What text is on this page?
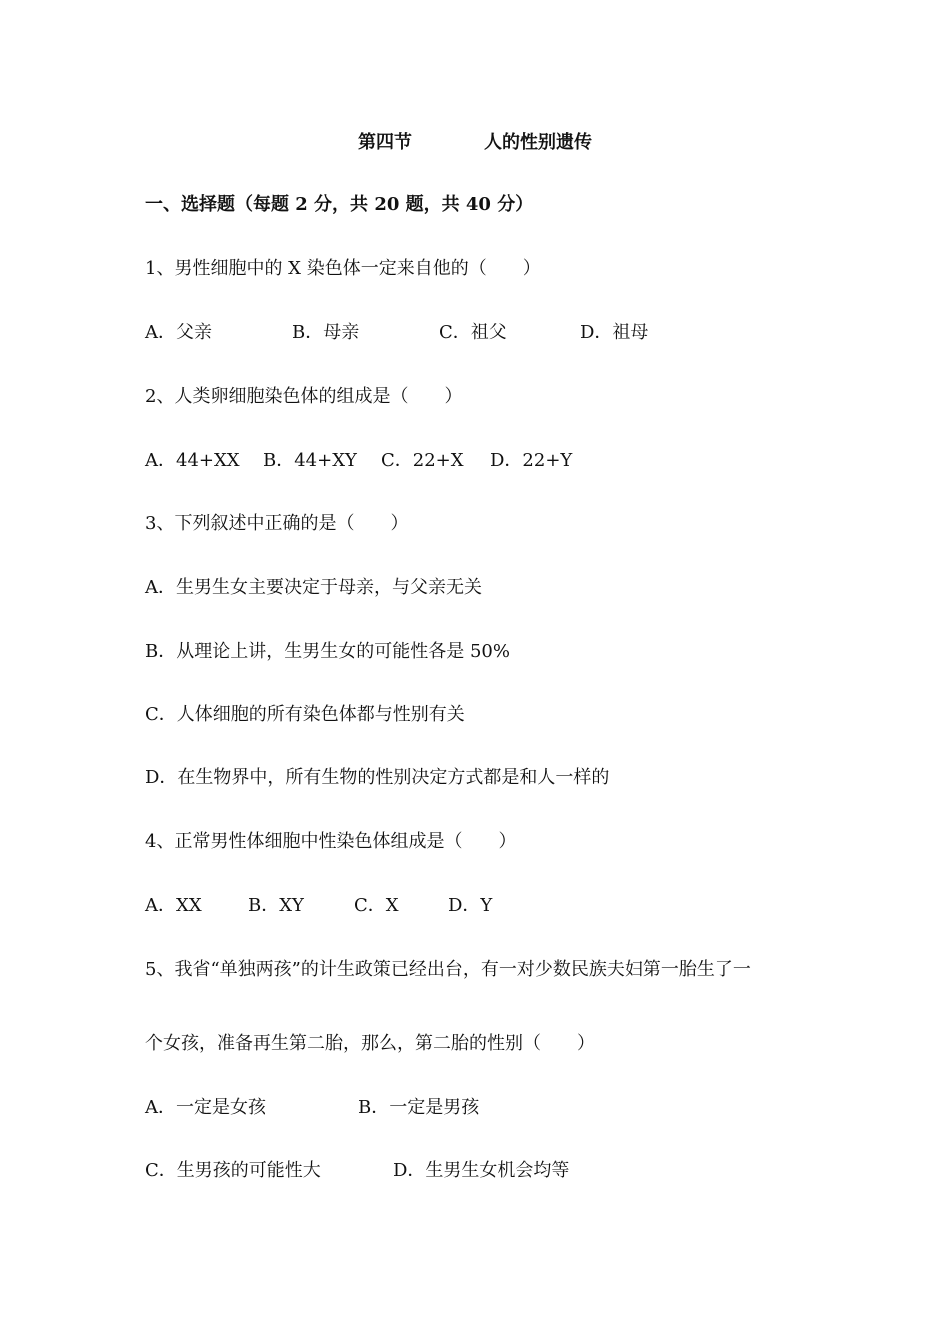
第四节	人的性别遗传
一、选择题（每题 2 分，共 20 题，共 40 分）
1、男性细胞中的 X 染色体一定来自他的（　　）
A．父亲	B．母亲	C．祖父	D．祖母
2、人类卵细胞染色体的组成是（　　）
A．44+XX B．44+XY C．22+X D．22+Y
3、下列叙述中正确的是（　　）
A．生男生女主要决定于母亲，与父亲无关
B．从理论上讲，生男生女的可能性各是 50%
C．人体细胞的所有染色体都与性别有关
D．在生物界中，所有生物的性别决定方式都是和人一样的
4、正常男性体细胞中性染色体组成是（　　）
A．XX	B．XY	C．X	D．Y
5、我省“单独两孩”的计生政策已经出台，有一对少数民族夫妇第一胎生了一
个女孩，准备再生第二胎，那么，第二胎的性别（　　）
A．一定是女孩	B．一定是男孩
C．生男孩的可能性大	D．生男生女机会均等
